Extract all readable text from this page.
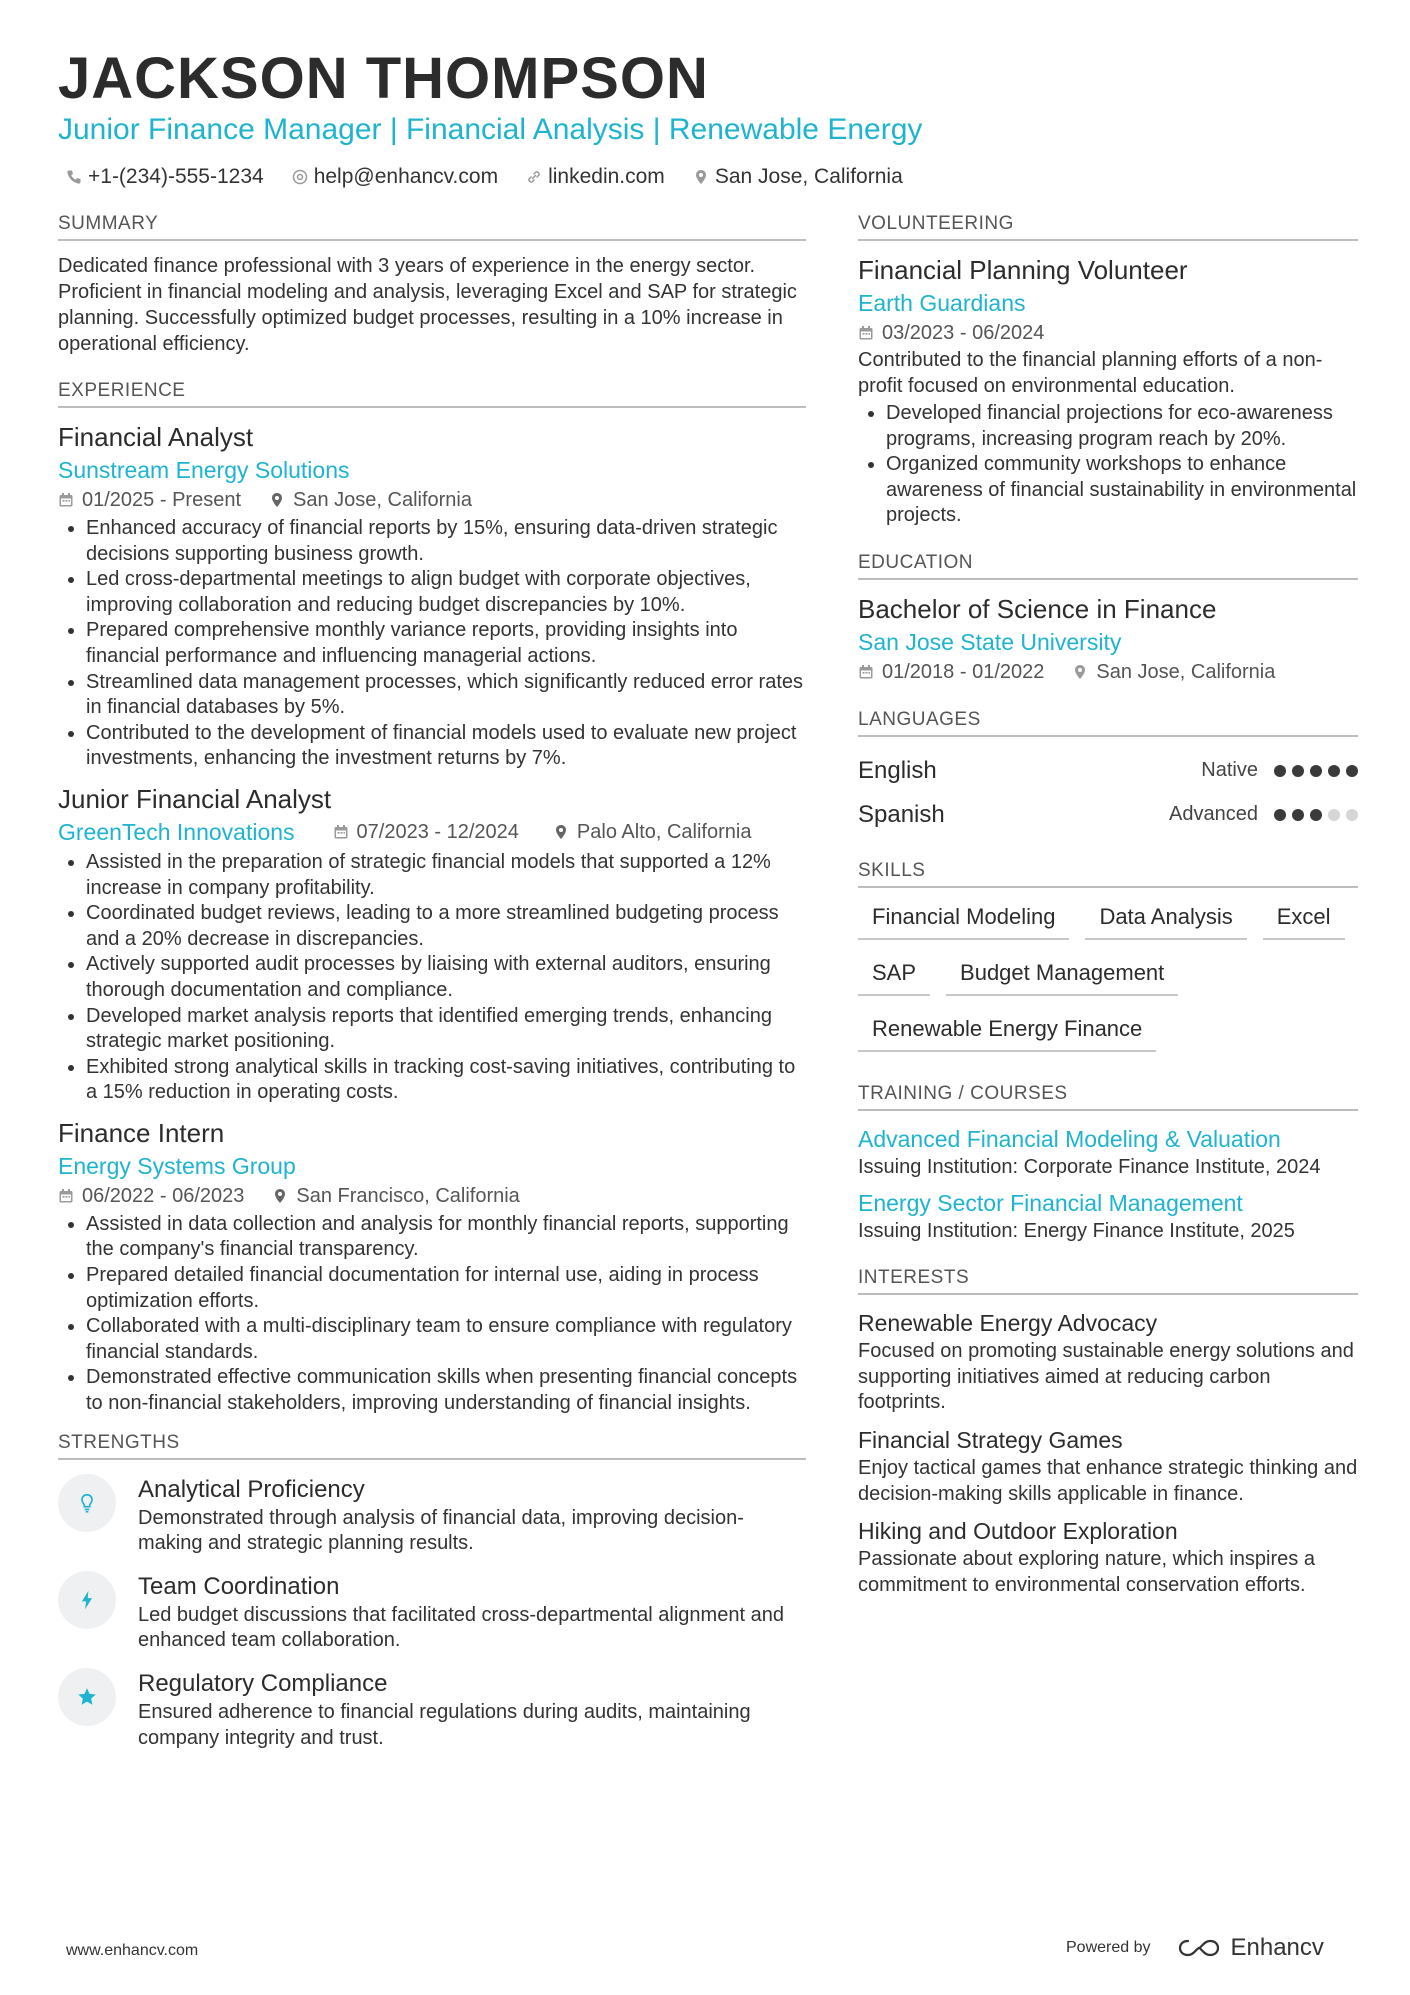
JACKSON THOMPSON
Junior Finance Manager | Financial Analysis | Renewable Energy
+1-(234)-555-1234 help@enhancv.com linkedin.com San Jose, California
SUMMARY

Dedicated finance professional with 3 years of experience in the energy sector. Proficient in financial modeling and analysis, leveraging Excel and SAP for strategic planning. Successfully optimized budget processes, resulting in a 10% increase in operational efficiency.

EXPERIENCE
Financial Analyst
Sunstream Energy Solutions
01/2025 - Present	San Jose, California
• Enhanced accuracy of financial reports by 15%, ensuring data-driven strategic decisions supporting business growth.
• Led cross-departmental meetings to align budget with corporate objectives, improving collaboration and reducing budget discrepancies by 10%.
• Prepared comprehensive monthly variance reports, providing insights into financial performance and influencing managerial actions.
• Streamlined data management processes, which significantly reduced error rates in financial databases by 5%.
• Contributed to the development of financial models used to evaluate new project investments, enhancing the investment returns by 7%.
Junior Financial Analyst
GreenTech Innovations	07/2023 - 12/2024	Palo Alto, California
• Assisted in the preparation of strategic financial models that supported a 12% increase in company profitability.
• Coordinated budget reviews, leading to a more streamlined budgeting process and a 20% decrease in discrepancies.
• Actively supported audit processes by liaising with external auditors, ensuring thorough documentation and compliance.
• Developed market analysis reports that identified emerging trends, enhancing strategic market positioning.
• Exhibited strong analytical skills in tracking cost-saving initiatives, contributing to a 15% reduction in operating costs.
Finance Intern
Energy Systems Group
06/2022 - 06/2023	San Francisco, California
• Assisted in data collection and analysis for monthly financial reports, supporting the company's financial transparency.
• Prepared detailed financial documentation for internal use, aiding in process optimization efforts.
• Collaborated with a multi-disciplinary team to ensure compliance with regulatory financial standards.
• Demonstrated effective communication skills when presenting financial concepts to non-financial stakeholders, improving understanding of financial insights.
STRENGTHS
Analytical Proficiency
Demonstrated through analysis of financial data, improving decision-making and strategic planning results.
Team Coordination
Led budget discussions that facilitated cross-departmental alignment and enhanced team collaboration.
Regulatory Compliance
Ensured adherence to financial regulations during audits, maintaining company integrity and trust.
VOLUNTEERING
Financial Planning Volunteer
Earth Guardians
03/2023 - 06/2024

Contributed to the financial planning efforts of a non-profit focused on environmental education.

• Developed financial projections for eco-awareness programs, increasing program reach by 20%.
• Organized community workshops to enhance awareness of financial sustainability in environmental projects.
EDUCATION
Bachelor of Science in Finance
San Jose State University
01/2018 - 01/2022	San Jose, California
LANGUAGES
English	Native
Spanish	Advanced
SKILLS
Financial Modeling	Data Analysis	Excel
SAP	Budget Management
Renewable Energy Finance
TRAINING / COURSES
Advanced Financial Modeling & Valuation
Issuing Institution: Corporate Finance Institute, 2024
Energy Sector Financial Management
Issuing Institution: Energy Finance Institute, 2025
INTERESTS
Renewable Energy Advocacy
Focused on promoting sustainable energy solutions and supporting initiatives aimed at reducing carbon footprints.
Financial Strategy Games
Enjoy tactical games that enhance strategic thinking and decision-making skills applicable in finance.
Hiking and Outdoor Exploration
Passionate about exploring nature, which inspires a commitment to environmental conservation efforts.
www.enhancv.com	Powered by	Enhancv
